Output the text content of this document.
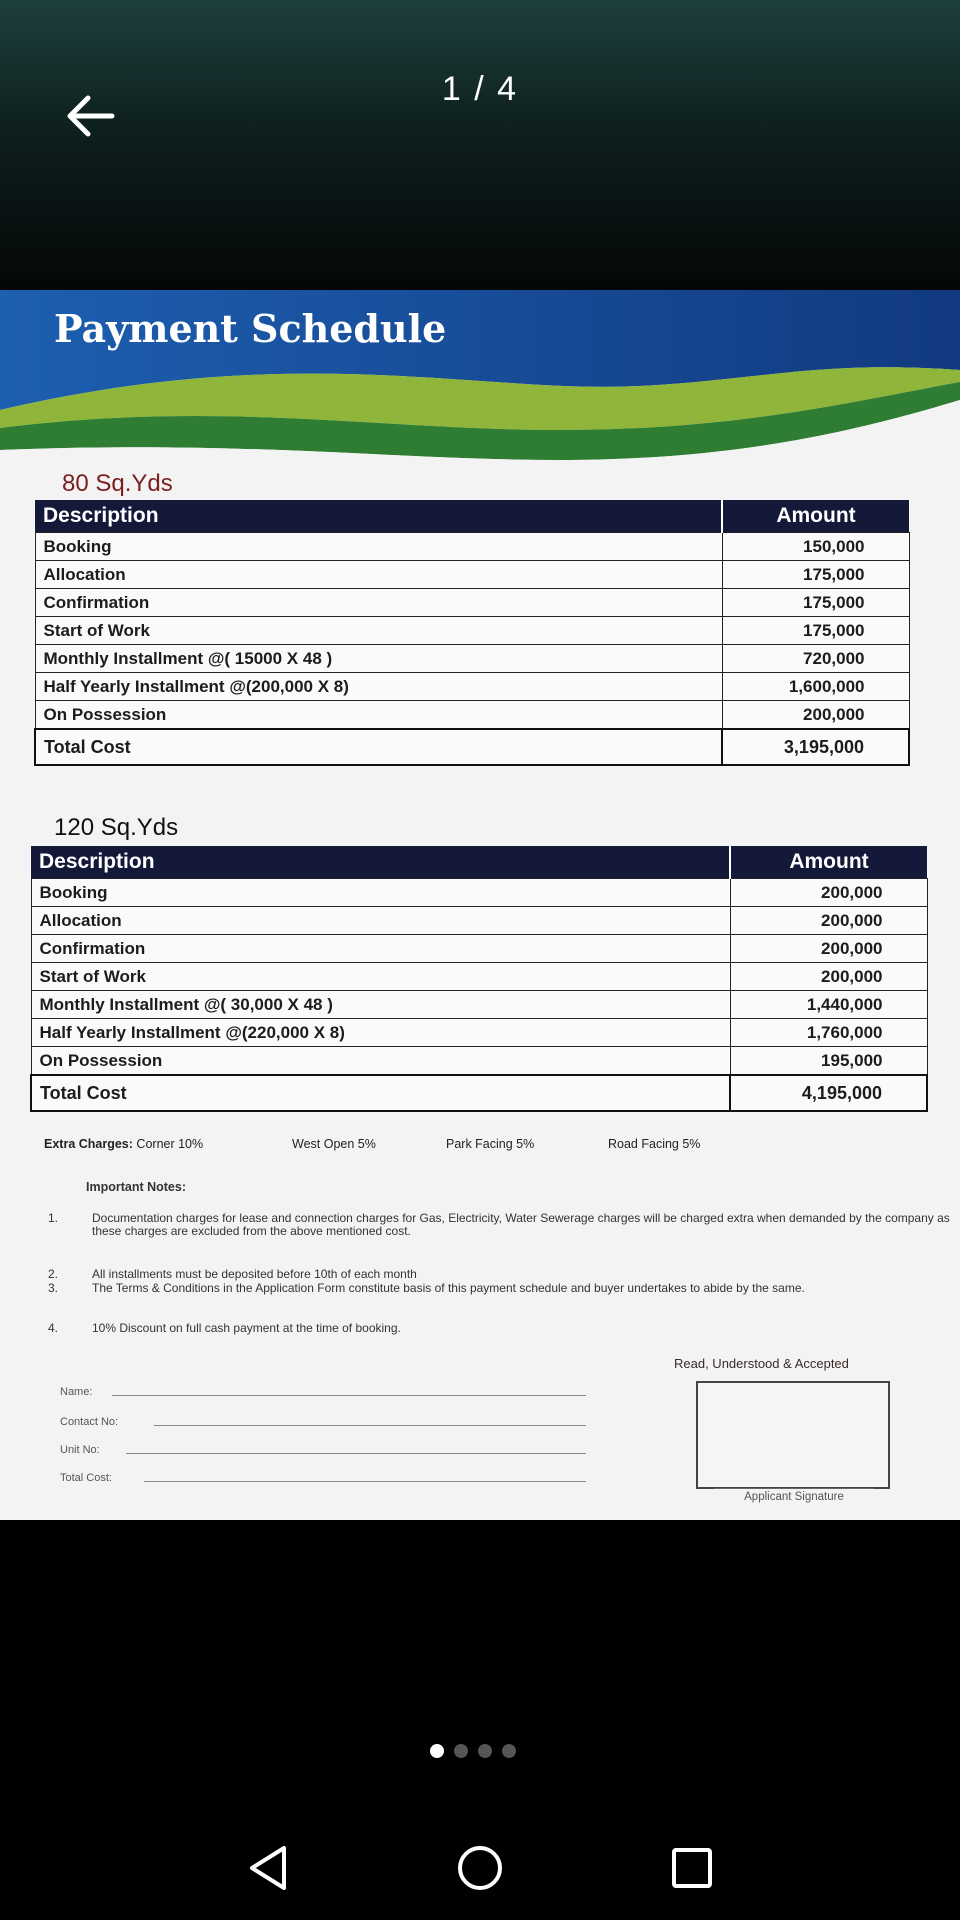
1 / 4
Payment Schedule
80 Sq.Yds
Description	Amount
Booking	150,000
Allocation	175,000
Confirmation	175,000
Start of Work	175,000
Monthly Installment @( 15000 X 48 )	720,000
Half Yearly Installment @(200,000 X 8)	1,600,000
On Possession	200,000
Total Cost	3,195,000
120 Sq.Yds
Description	Amount
Booking	200,000
Allocation	200,000
Confirmation	200,000
Start of Work	200,000
Monthly Installment @( 30,000 X 48 )	1,440,000
Half Yearly Installment @(220,000 X 8)	1,760,000
On Possession	195,000
Total Cost	4,195,000
Extra Charges: Corner 10%	West Open 5%	Park Facing 5%	Road Facing 5%
Important Notes:
1.	Documentation charges for lease and connection charges for Gas, Electricity, Water Sewerage charges will be charged extra when demanded by the company as these charges are excluded from the above mentioned cost.
2.	All installments must be deposited before 10th of each month
3.	The Terms & Conditions in the Application Form constitute basis of this payment schedule and buyer undertakes to abide by the same.
4.	10% Discount on full cash payment at the time of booking.
Name:
Contact No:
Unit No:
Total Cost:
Read, Understood & Accepted
Applicant Signature
